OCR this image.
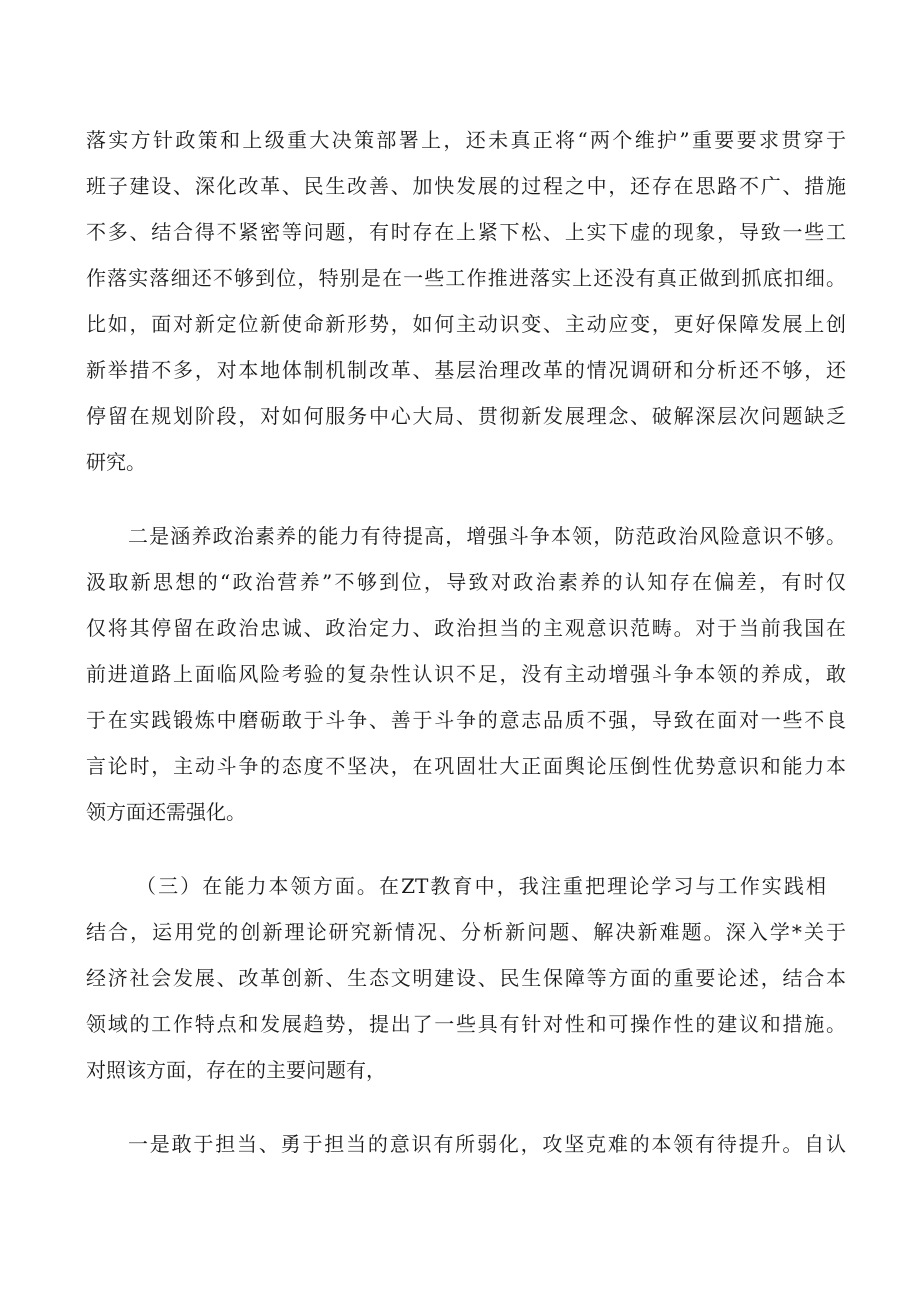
落实方针政策和上级重大决策部署上，还未真正将“两个维护”重要要求贯穿于
班子建设、深化改革、民生改善、加快发展的过程之中，还存在思路不广、措施
不多、结合得不紧密等问题，有时存在上紧下松、上实下虚的现象，导致一些工
作落实落细还不够到位，特别是在一些工作推进落实上还没有真正做到抓底扣细。
比如，面对新定位新使命新形势，如何主动识变、主动应变，更好保障发展上创
新举措不多，对本地体制机制改革、基层治理改革的情况调研和分析还不够，还
停留在规划阶段，对如何服务中心大局、贯彻新发展理念、破解深层次问题缺乏
研究。
二是涵养政治素养的能力有待提高，增强斗争本领，防范政治风险意识不够。
汲取新思想的“政治营养”不够到位，导致对政治素养的认知存在偏差，有时仅
仅将其停留在政治忠诚、政治定力、政治担当的主观意识范畴。对于当前我国在
前进道路上面临风险考验的复杂性认识不足，没有主动增强斗争本领的养成，敢
于在实践锻炼中磨砺敢于斗争、善于斗争的意志品质不强，导致在面对一些不良
言论时，主动斗争的态度不坚决，在巩固壮大正面舆论压倒性优势意识和能力本
领方面还需强化。
（三）在能力本领方面。在ZT教育中，我注重把理论学习与工作实践相
结合，运用党的创新理论研究新情况、分析新问题、解决新难题。深入学*关于
经济社会发展、改革创新、生态文明建设、民生保障等方面的重要论述，结合本
领域的工作特点和发展趋势，提出了一些具有针对性和可操作性的建议和措施。
对照该方面，存在的主要问题有，
一是敢于担当、勇于担当的意识有所弱化，攻坚克难的本领有待提升。自认
